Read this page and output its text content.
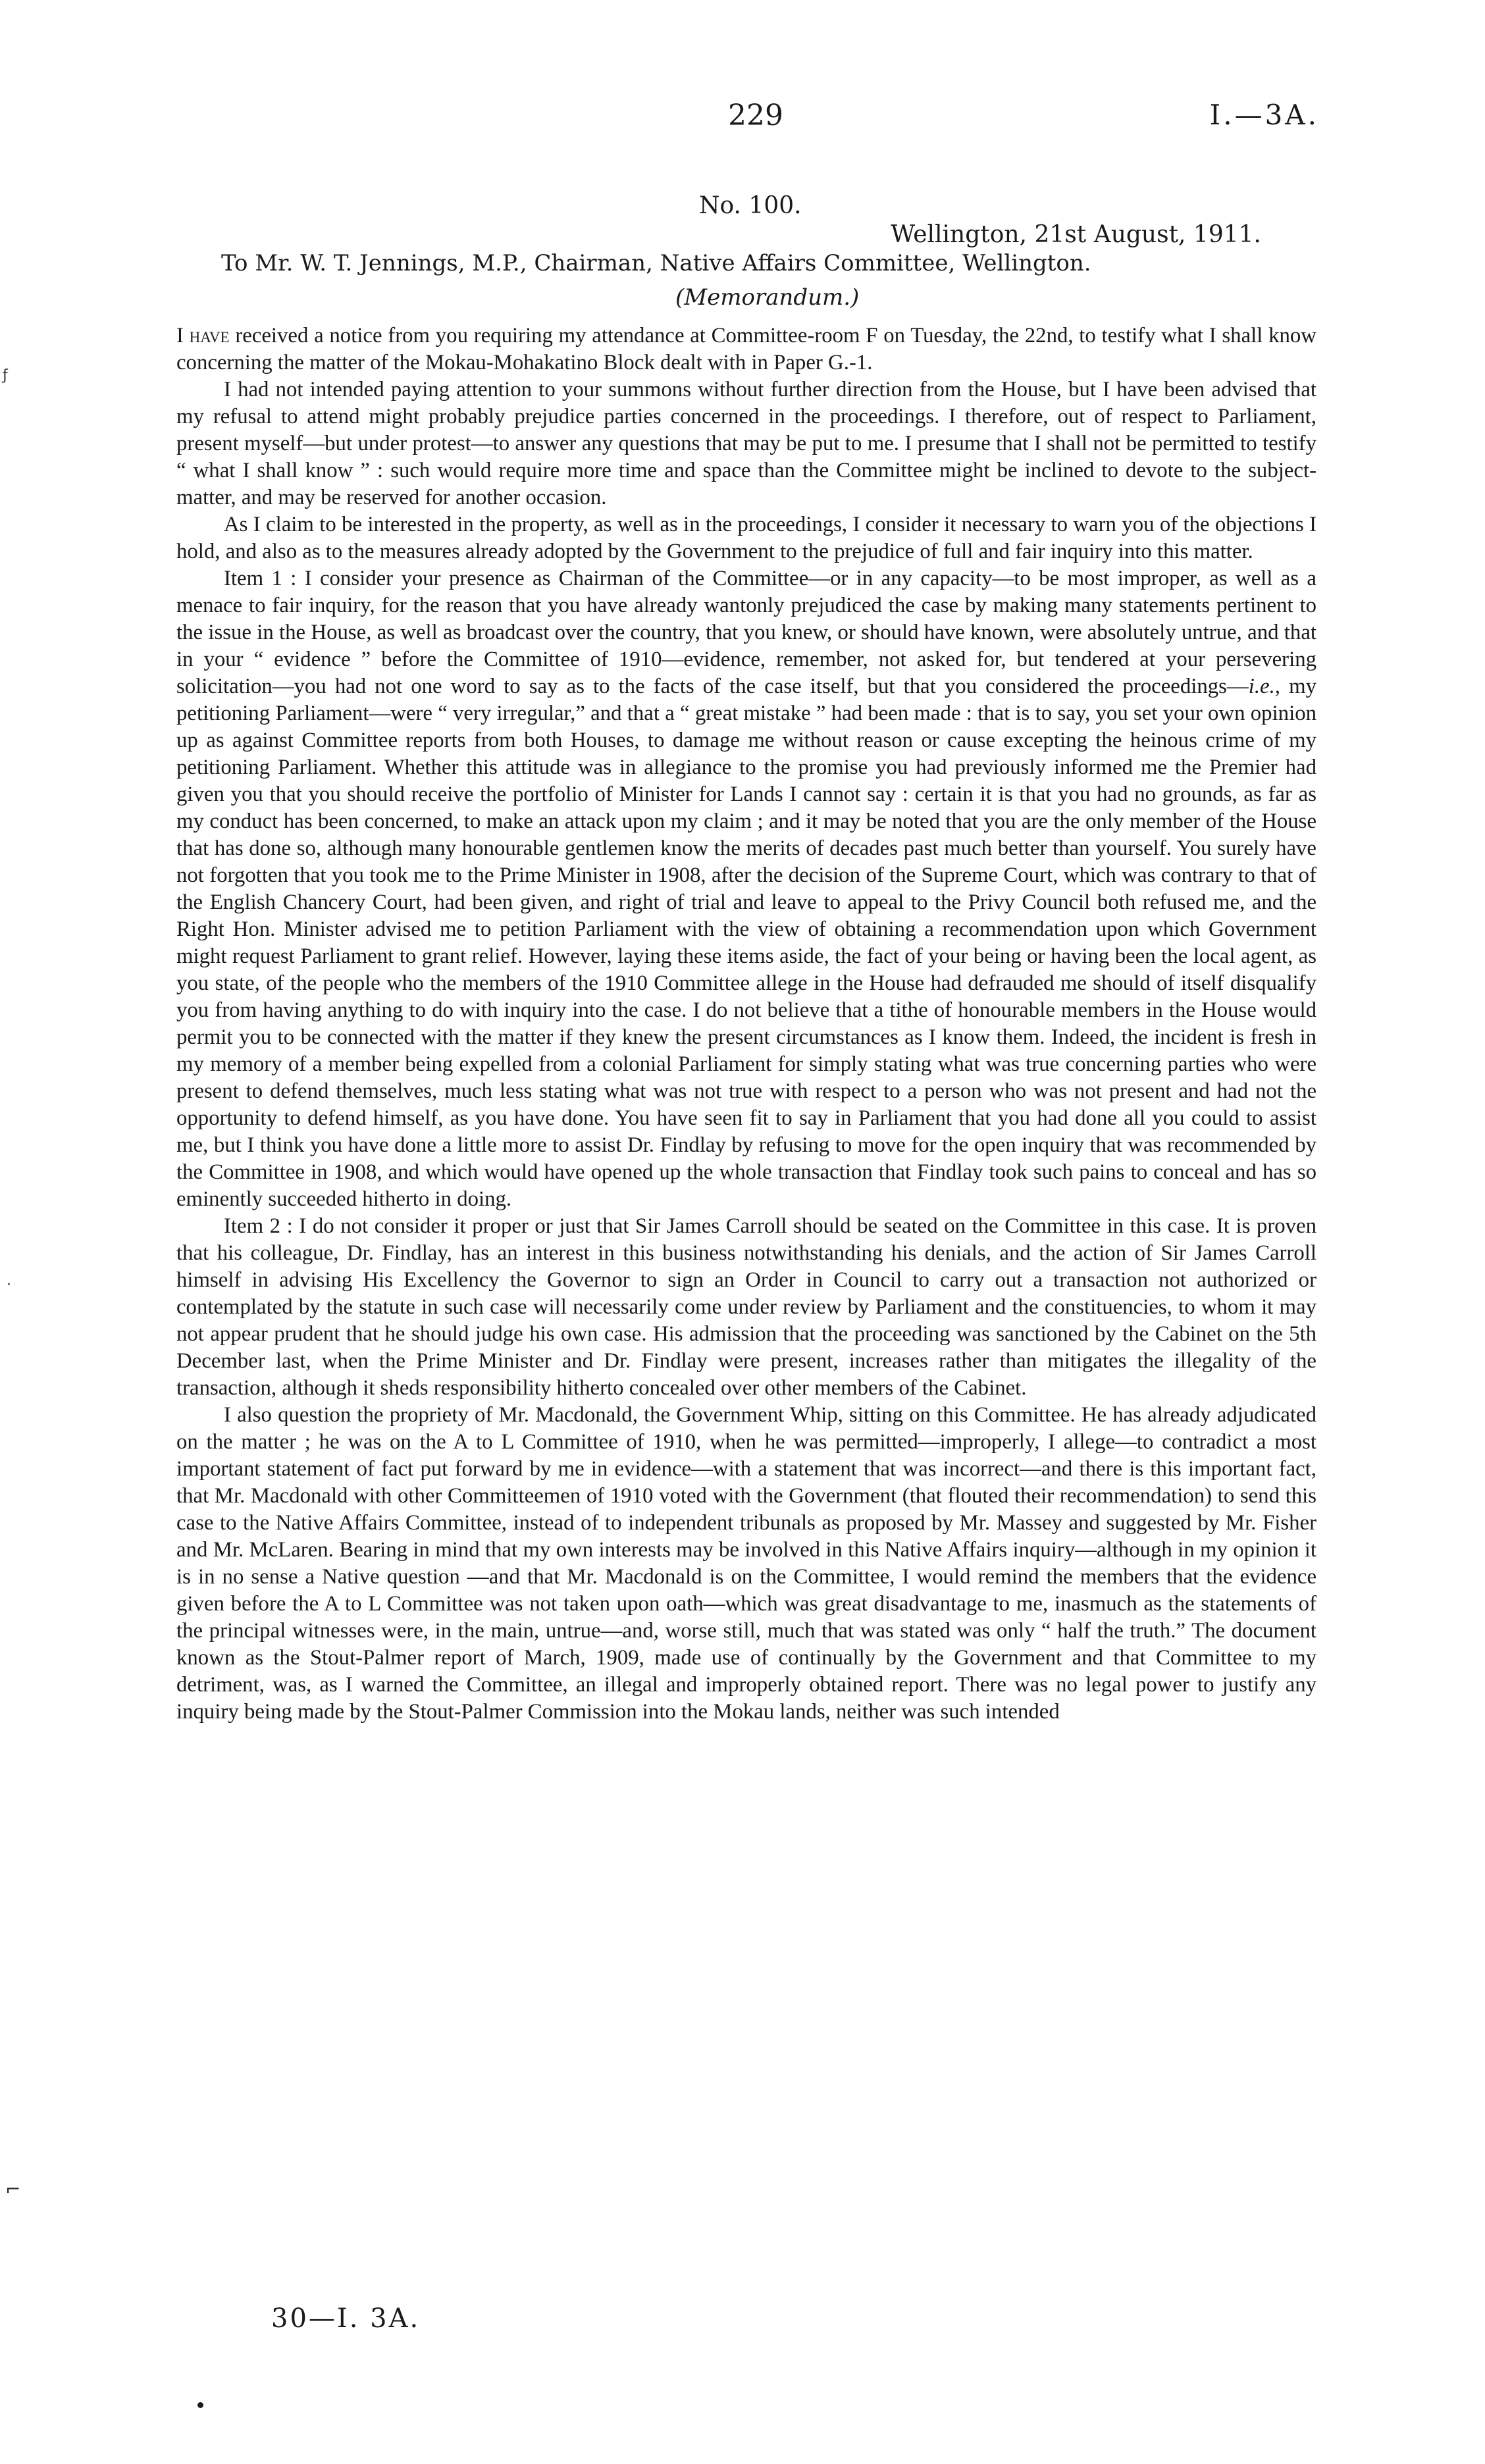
229	I.—3A.
No. 100.
Wellington, 21st August, 1911.
To Mr. W. T. Jennings, M.P., Chairman, Native Affairs Committee, Wellington.
(Memorandum.)

I have received a notice from you requiring my attendance at Committee-room F on Tuesday, the 22nd, to testify what I shall know concerning the matter of the Mokau-Mohakatino Block dealt with in Paper G.-1.

I had not intended paying attention to your summons without further direction from the House, but I have been advised that my refusal to attend might probably prejudice parties concerned in the proceedings. I therefore, out of respect to Parliament, present myself—but under protest—to answer any questions that may be put to me. I presume that I shall not be permitted to testify “ what I shall know ” : such would require more time and space than the Committee might be inclined to devote to the subject-matter, and may be reserved for another occasion.

As I claim to be interested in the property, as well as in the proceedings, I consider it necessary to warn you of the objections I hold, and also as to the measures already adopted by the Government to the prejudice of full and fair inquiry into this matter.

Item 1 : I consider your presence as Chairman of the Committee—or in any capacity—to be most improper, as well as a menace to fair inquiry, for the reason that you have already wantonly prejudiced the case by making many statements pertinent to the issue in the House, as well as broadcast over the country, that you knew, or should have known, were absolutely untrue, and that in your “ evidence ” before the Committee of 1910—evidence, remember, not asked for, but tendered at your persevering solicitation—you had not one word to say as to the facts of the case itself, but that you considered the proceedings—i.e., my petitioning Parliament—were “ very irregular,” and that a “ great mistake ” had been made : that is to say, you set your own opinion up as against Committee reports from both Houses, to damage me without reason or cause excepting the heinous crime of my petitioning Parliament. Whether this attitude was in allegiance to the promise you had previously informed me the Premier had given you that you should receive the portfolio of Minister for Lands I cannot say : certain it is that you had no grounds, as far as my conduct has been concerned, to make an attack upon my claim ; and it may be noted that you are the only member of the House that has done so, although many honourable gentlemen know the merits of decades past much better than yourself. You surely have not forgotten that you took me to the Prime Minister in 1908, after the decision of the Supreme Court, which was contrary to that of the English Chancery Court, had been given, and right of trial and leave to appeal to the Privy Council both refused me, and the Right Hon. Minister advised me to petition Parliament with the view of obtaining a recommendation upon which Government might request Parliament to grant relief. However, laying these items aside, the fact of your being or having been the local agent, as you state, of the people who the members of the 1910 Committee allege in the House had defrauded me should of itself disqualify you from having anything to do with inquiry into the case. I do not believe that a tithe of honourable members in the House would permit you to be connected with the matter if they knew the present circumstances as I know them. Indeed, the incident is fresh in my memory of a member being expelled from a colonial Parliament for simply stating what was true concerning parties who were present to defend themselves, much less stating what was not true with respect to a person who was not present and had not the opportunity to defend himself, as you have done. You have seen fit to say in Parliament that you had done all you could to assist me, but I think you have done a little more to assist Dr. Findlay by refusing to move for the open inquiry that was recommended by the Committee in 1908, and which would have opened up the whole transaction that Findlay took such pains to conceal and has so eminently succeeded hitherto in doing.

Item 2 : I do not consider it proper or just that Sir James Carroll should be seated on the Committee in this case. It is proven that his colleague, Dr. Findlay, has an interest in this business notwithstanding his denials, and the action of Sir James Carroll himself in advising His Excellency the Governor to sign an Order in Council to carry out a transaction not authorized or contemplated by the statute in such case will necessarily come under review by Parliament and the constituencies, to whom it may not appear prudent that he should judge his own case. His admission that the proceeding was sanctioned by the Cabinet on the 5th December last, when the Prime Minister and Dr. Findlay were present, increases rather than mitigates the illegality of the transaction, although it sheds responsibility hitherto concealed over other members of the Cabinet.

I also question the propriety of Mr. Macdonald, the Government Whip, sitting on this Committee. He has already adjudicated on the matter ; he was on the A to L Committee of 1910, when he was permitted—improperly, I allege—to contradict a most important statement of fact put forward by me in evidence—with a statement that was incorrect—and there is this important fact, that Mr. Macdonald with other Committeemen of 1910 voted with the Government (that flouted their recommendation) to send this case to the Native Affairs Committee, instead of to independent tribunals as proposed by Mr. Massey and suggested by Mr. Fisher and Mr. McLaren. Bearing in mind that my own interests may be involved in this Native Affairs inquiry—although in my opinion it is in no sense a Native question —and that Mr. Macdonald is on the Committee, I would remind the members that the evidence given before the A to L Committee was not taken upon oath—which was great disadvantage to me, inasmuch as the statements of the principal witnesses were, in the main, untrue—and, worse still, much that was stated was only “ half the truth.” The document known as the Stout-Palmer report of March, 1909, made use of continually by the Government and that Committee to my detriment, was, as I warned the Committee, an illegal and improperly obtained report. There was no legal power to justify any inquiry being made by the Stout-Palmer Commission into the Mokau lands, neither was such intended

30—I. 3A.
ƒ
·
⌐
